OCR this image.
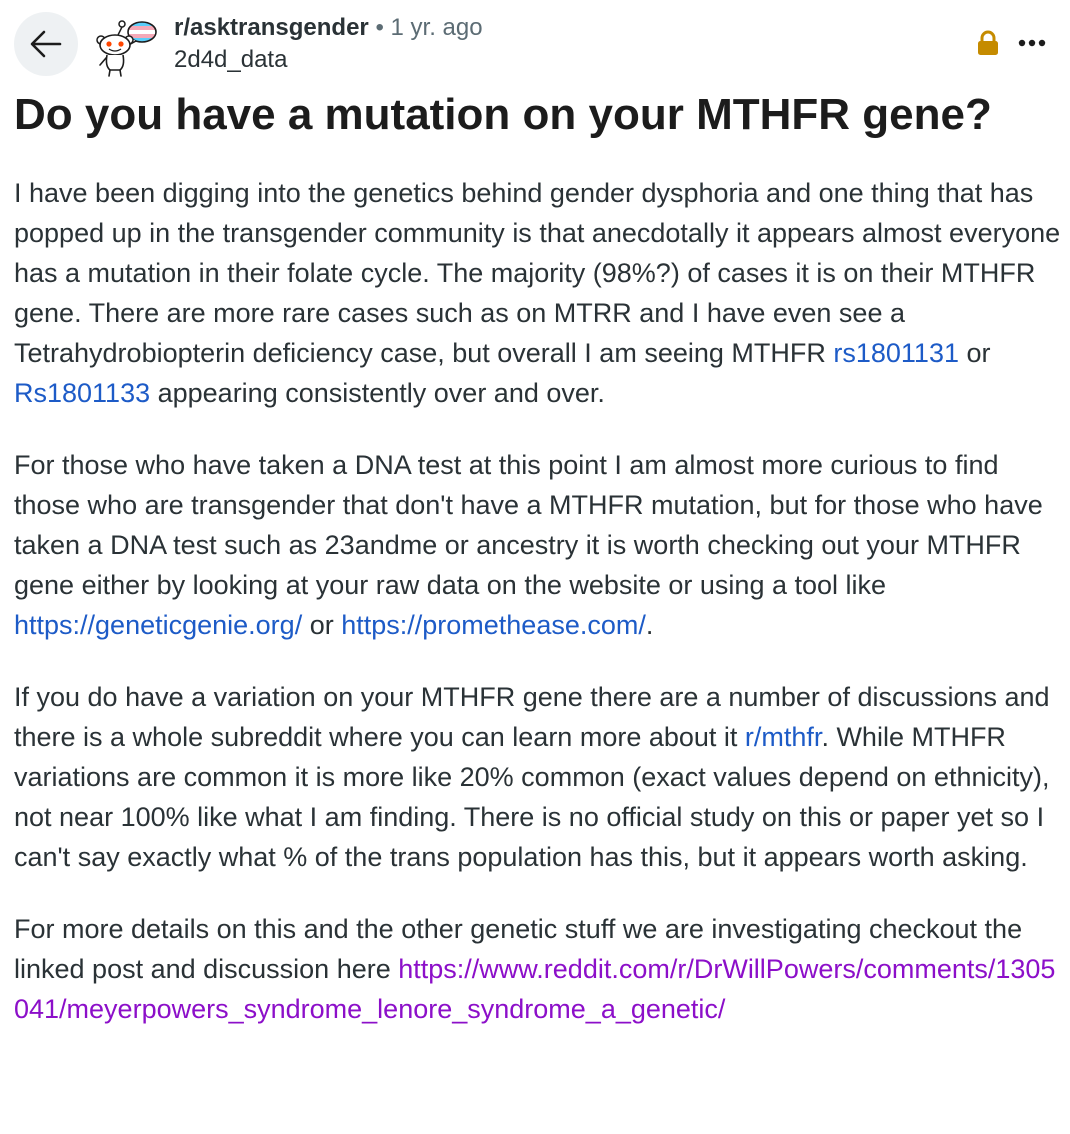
r/asktransgender • 1 yr. ago
2d4d_data
Do you have a mutation on your MTHFR gene?

I have been digging into the genetics behind gender dysphoria and one thing that has popped up in the transgender community is that anecdotally it appears almost everyone has a mutation in their folate cycle. The majority (98%?) of cases it is on their MTHFR gene. There are more rare cases such as on MTRR and I have even see a Tetrahydrobiopterin deficiency case, but overall I am seeing MTHFR rs1801131 or Rs1801133 appearing consistently over and over.

For those who have taken a DNA test at this point I am almost more curious to find those who are transgender that don't have a MTHFR mutation, but for those who have taken a DNA test such as 23andme or ancestry it is worth checking out your MTHFR gene either by looking at your raw data on the website or using a tool like https://geneticgenie.org/ or https://promethease.com/.

If you do have a variation on your MTHFR gene there are a number of discussions and there is a whole subreddit where you can learn more about it r/mthfr. While MTHFR variations are common it is more like 20% common (exact values depend on ethnicity), not near 100% like what I am finding. There is no official study on this or paper yet so I can't say exactly what % of the trans population has this, but it appears worth asking.

For more details on this and the other genetic stuff we are investigating checkout the linked post and discussion here https://www.reddit.com/r/DrWillPowers/comments/1305041/meyerpowers_syndrome_lenore_syndrome_a_genetic/
